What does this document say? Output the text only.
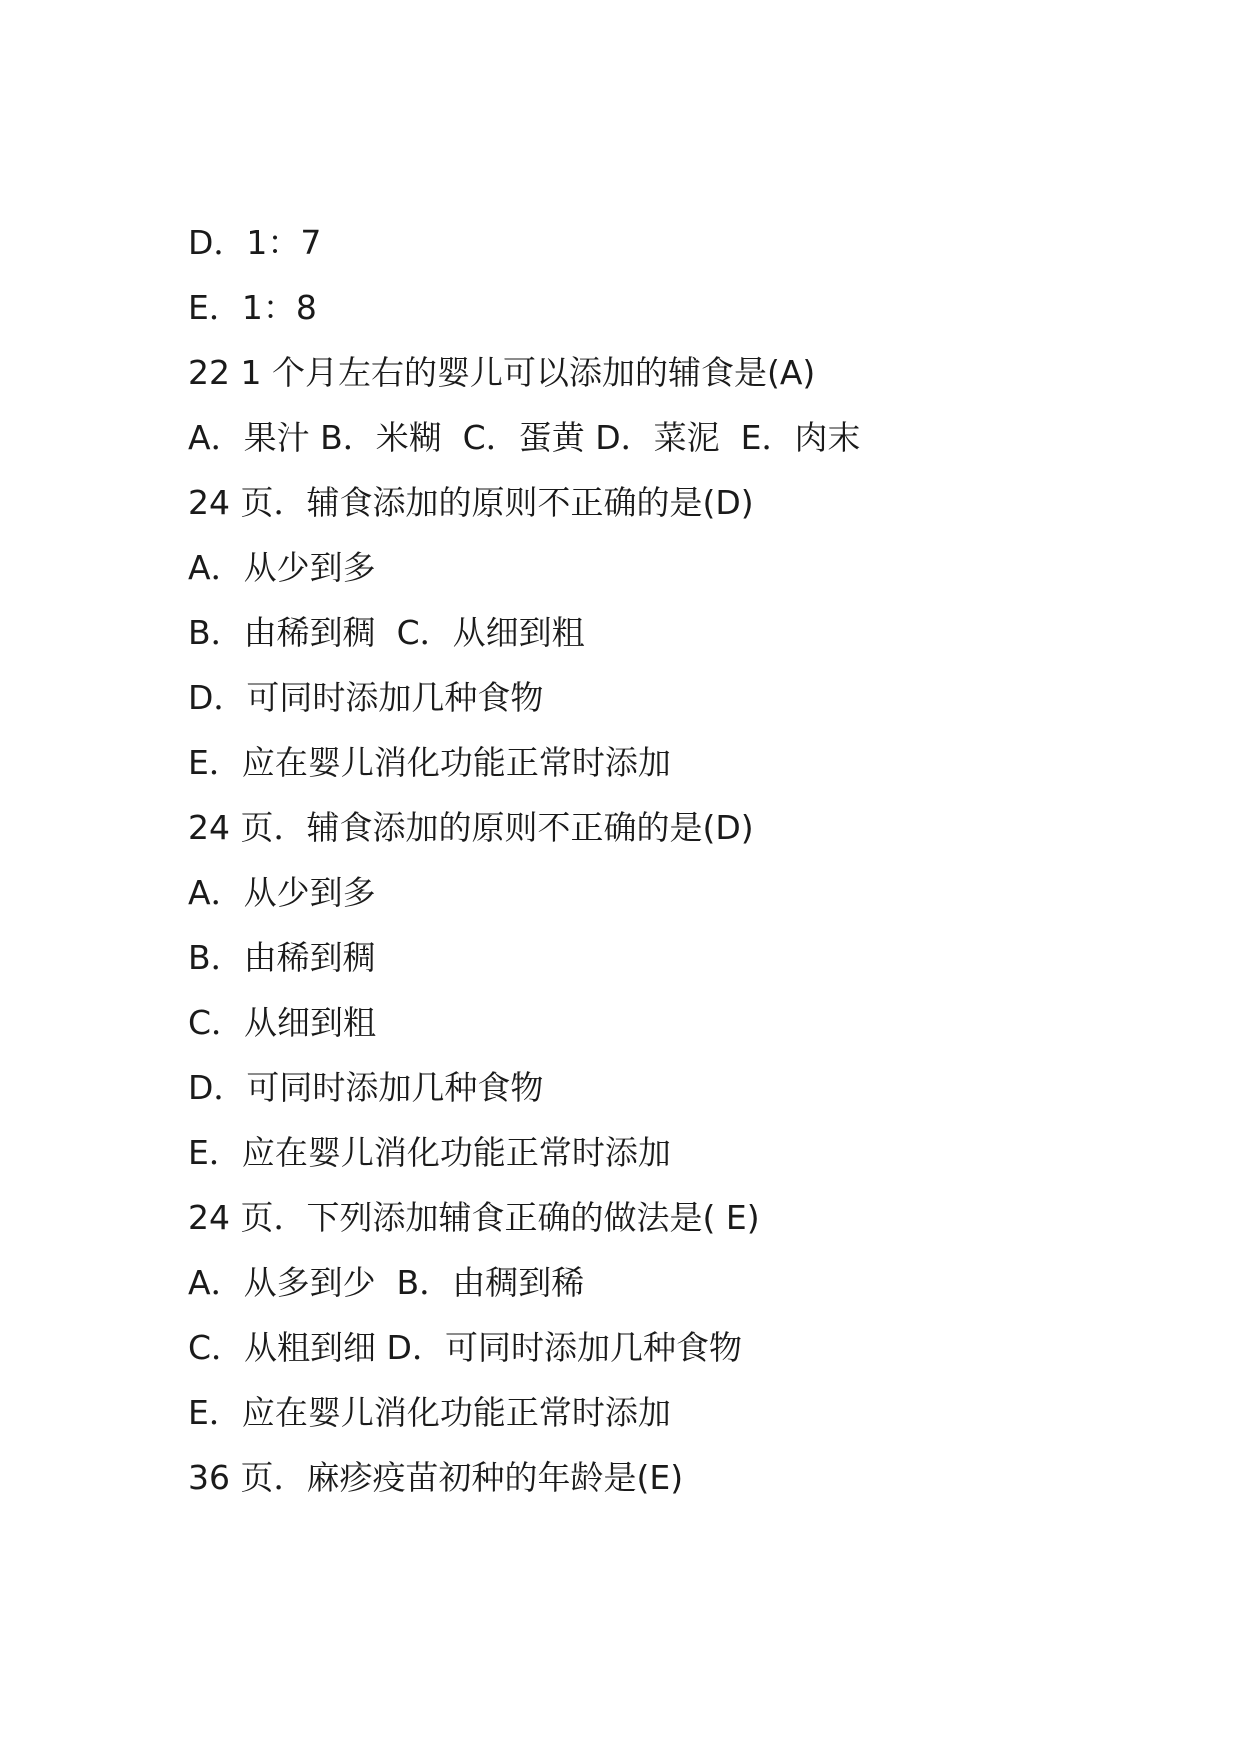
D．1：7
E．1：8
22 1 个月左右的婴儿可以添加的辅食是(A)
A．果汁 B．米糊  C．蛋黄 D．菜泥  E．肉末
24 页．辅食添加的原则不正确的是(D)
A．从少到多
B．由稀到稠  C．从细到粗
D．可同时添加几种食物
E．应在婴儿消化功能正常时添加
24 页．辅食添加的原则不正确的是(D)
A．从少到多
B．由稀到稠
C．从细到粗
D．可同时添加几种食物
E．应在婴儿消化功能正常时添加
24 页．下列添加辅食正确的做法是( E)
A．从多到少  B．由稠到稀
C．从粗到细 D．可同时添加几种食物
E．应在婴儿消化功能正常时添加
36 页．麻疹疫苗初种的年龄是(E)
